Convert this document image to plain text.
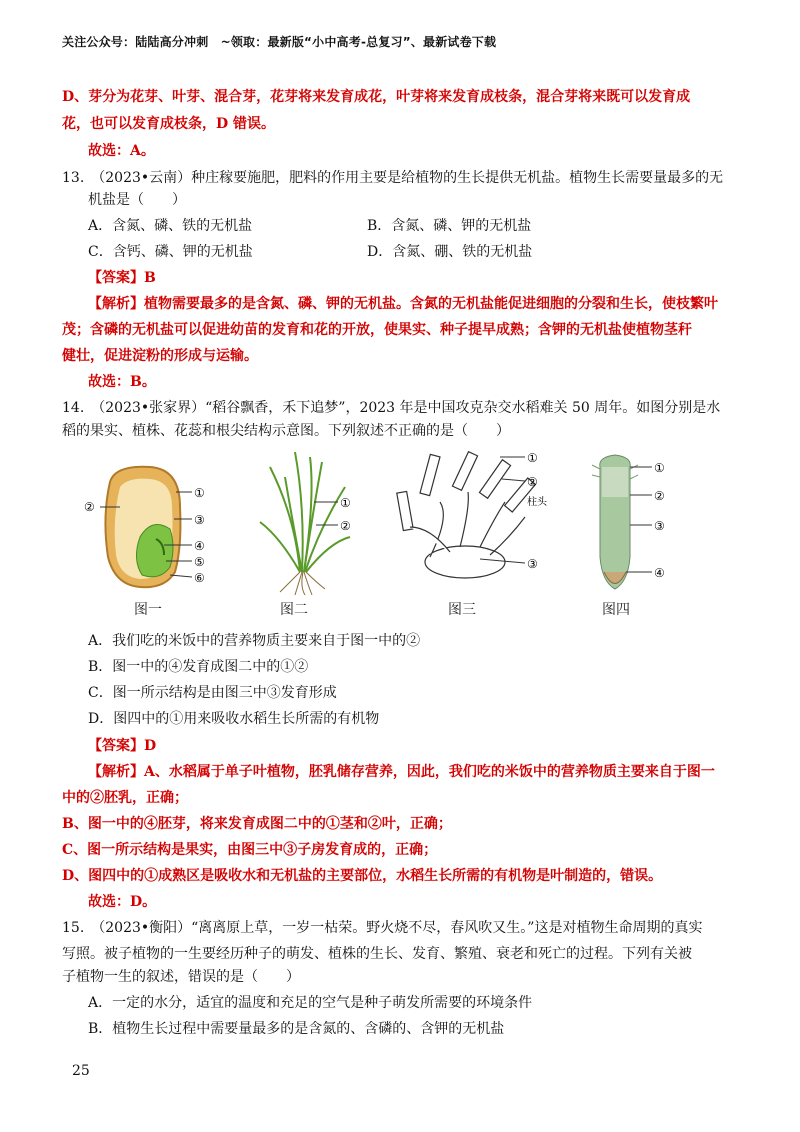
关注公众号：陆陆高分冲刺　~领取：最新版“小中高考-总复习”、最新试卷下载
D、芽分为花芽、叶芽、混合芽，花芽将来发育成花，叶芽将来发育成枝条，混合芽将来既可以发育成
花，也可以发育成枝条，D 错误。
故选：A。
13.　（2023•云南）种庄稼要施肥，肥料的作用主要是给植物的生长提供无机盐。植物生长需要量最多的无
机盐是（　　）
A．含氮、磷、铁的无机盐	B．含氮、磷、钾的无机盐
C．含钙、磷、钾的无机盐	D．含氮、硼、铁的无机盐
【答案】B
【解析】植物需要最多的是含氮、磷、钾的无机盐。含氮的无机盐能促进细胞的分裂和生长，使枝繁叶
茂；含磷的无机盐可以促进幼苗的发育和花的开放，使果实、种子提早成熟；含钾的无机盐使植物茎秆
健壮，促进淀粉的形成与运输。
故选：B。
14.　（2023•张家界）“稻谷飘香，禾下追梦”，2023 年是中国攻克杂交水稻难关 50 周年。如图分别是水
稻的果实、植株、花蕊和根尖结构示意图。下列叙述不正确的是（　　）
①
②
③
④
⑤
⑥
图一
①
②
图二
①
②
柱头
③
图三
①
②
③
④
图四
A．我们吃的米饭中的营养物质主要来自于图一中的②
B．图一中的④发育成图二中的①②
C．图一所示结构是由图三中③发育形成
D．图四中的①用来吸收水稻生长所需的有机物
【答案】D
【解析】A、水稻属于单子叶植物，胚乳储存营养，因此，我们吃的米饭中的营养物质主要来自于图一
中的②胚乳，正确；
B、图一中的④胚芽，将来发育成图二中的①茎和②叶，正确；
C、图一所示结构是果实，由图三中③子房发育成的，正确；
D、图四中的①成熟区是吸收水和无机盐的主要部位，水稻生长所需的有机物是叶制造的，错误。
故选：D。
15.　（2023•衡阳）“离离原上草，一岁一枯荣。野火烧不尽，春风吹又生。”这是对植物生命周期的真实
写照。被子植物的一生要经历种子的萌发、植株的生长、发育、繁殖、衰老和死亡的过程。下列有关被
子植物一生的叙述，错误的是（　　）
A．一定的水分，适宜的温度和充足的空气是种子萌发所需要的环境条件
B．植物生长过程中需要量最多的是含氮的、含磷的、含钾的无机盐
25
